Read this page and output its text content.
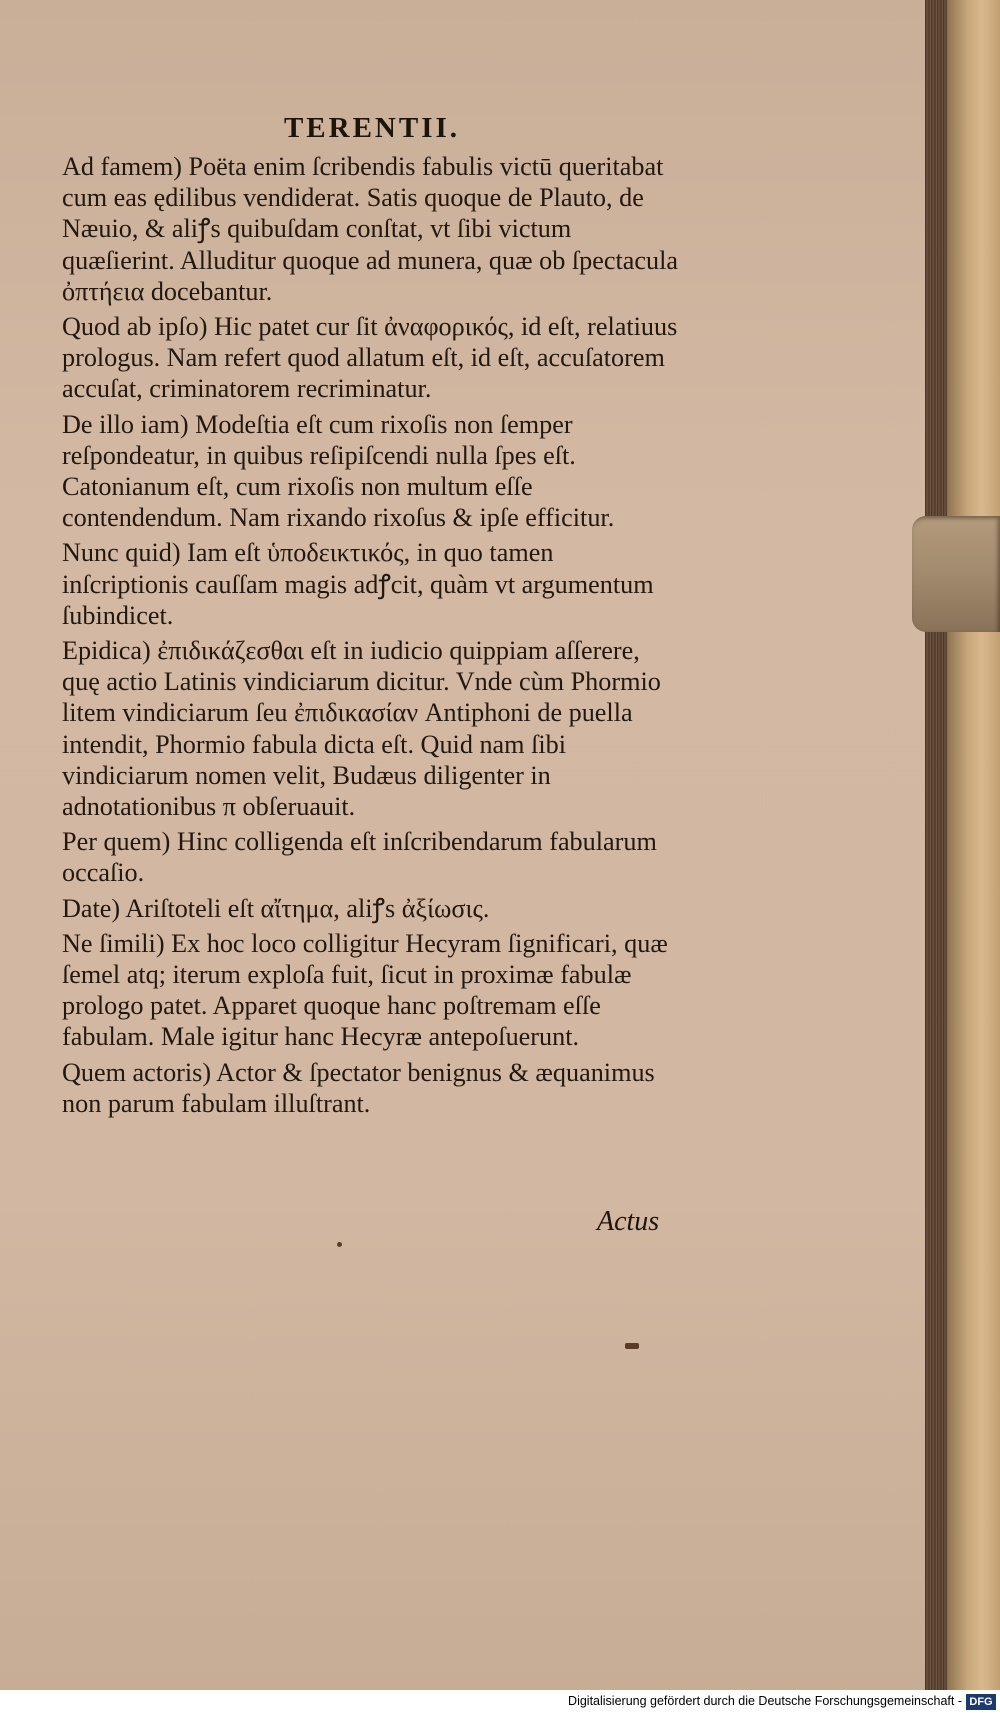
TERENTII.

Ad famem) Poëta enim ſcribendis fabulis victū queritabat cum eas ędilibus vendiderat. Satis quoque de Plauto, de Næuio, & aliꝭs quibuſdam conſtat, vt ſibi victum quæſierint. Alluditur quoque ad munera, quæ ob ſpectacula ὀπτήεια docebantur.

Quod ab ipſo) Hic patet cur ſit ἀναφορικός, id eſt, relatiuus prologus. Nam refert quod allatum eſt, id eſt, accuſatorem accuſat, criminatorem recriminatur.

De illo iam) Modeſtia eſt cum rixoſis non ſemper reſpondeatur, in quibus reſipiſcendi nulla ſpes eſt. Catonianum eſt, cum rixoſis non multum eſſe contendendum. Nam rixando rixoſus & ipſe efficitur.

Nunc quid) Iam eſt ὑποδεικτικός, in quo tamen inſcriptionis cauſſam magis adꝭcit, quàm vt argumentum ſubindicet.

Epidica) ἐπιδικάζεσθαι eſt in iudicio quippiam aſſerere, quę actio Latinis vindiciarum dicitur. Vnde cùm Phormio litem vindiciarum ſeu ἐπιδικασίαν Antiphoni de puella intendit, Phormio fabula dicta eſt. Quid nam ſibi vindiciarum nomen velit, Budæus diligenter in adnotationibus π obſeruauit.

Per quem) Hinc colligenda eſt inſcribendarum fabularum occaſio.

Date) Ariſtoteli eſt αἴτημα, aliꝭs ἀξίωσις.

Ne ſimili) Ex hoc loco colligitur Hecyram ſignificari, quæ ſemel atq; iterum exploſa fuit, ſicut in proximæ fabulæ prologo patet. Apparet quoque hanc poſtremam eſſe fabulam. Male igitur hanc Hecyræ antepoſuerunt.

Quem actoris) Actor & ſpectator benignus & æquanimus non parum fabulam illuſtrant.

Actus
Digitalisierung gefördert durch die Deutsche Forschungsgemeinschaft - DFG
